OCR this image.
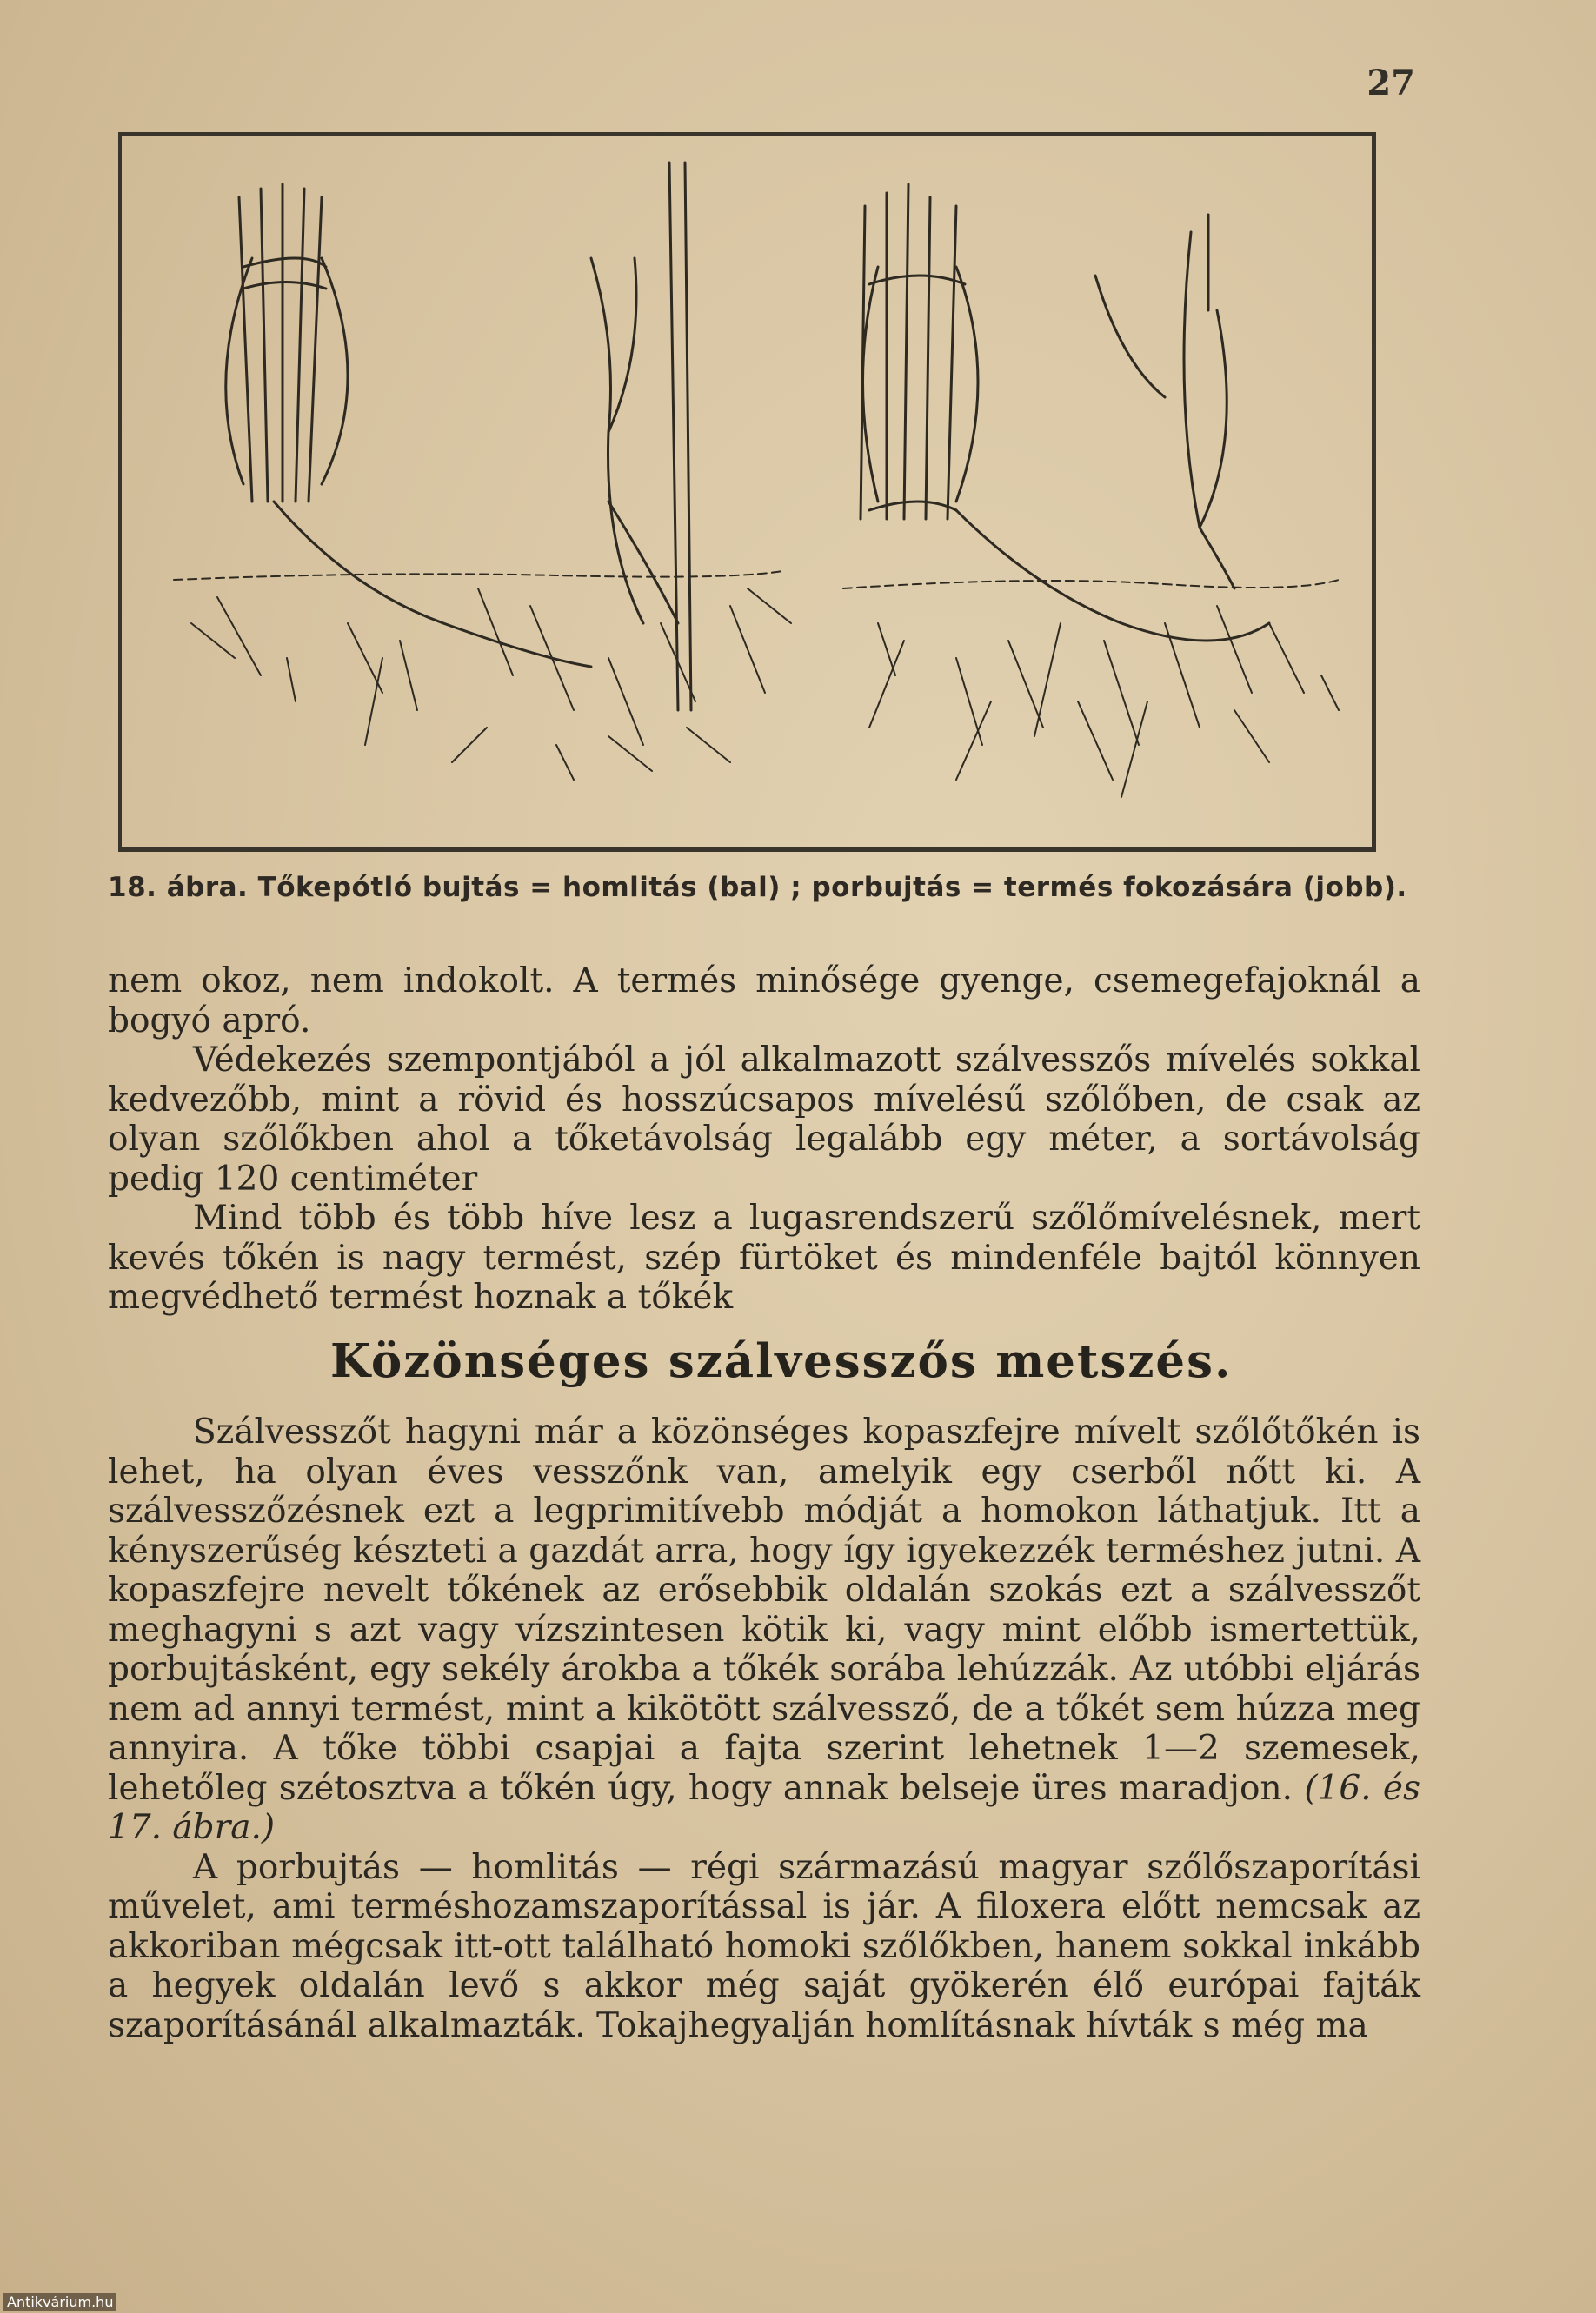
27
18. ábra. Tőkepótló bujtás = homlitás (bal) ; porbujtás = termés fokozására (jobb).

nem okoz, nem indokolt. A termés minősége gyenge, csemegefajoknál a bogyó apró.

Védekezés szempontjából a jól alkalmazott szálvesszős mívelés sokkal kedvezőbb, mint a rövid és hosszúcsapos mívelésű szőlőben, de csak az olyan szőlőkben ahol a tőketávolság legalább egy méter, a sortávolság pedig 120 centiméter

Mind több és több híve lesz a lugasrendszerű szőlőmívelésnek, mert kevés tőkén is nagy termést, szép fürtöket és mindenféle bajtól könnyen megvédhető termést hoznak a tőkék

Közönséges szálvesszős metszés.

Szálvesszőt hagyni már a közönséges kopaszfejre mívelt szőlőtőkén is lehet, ha olyan éves vesszőnk van, amelyik egy cserből nőtt ki. A szálvesszőzésnek ezt a legprimitívebb módját a homokon láthatjuk. Itt a kényszerűség készteti a gazdát arra, hogy így igyekezzék terméshez jutni. A kopaszfejre nevelt tőkének az erősebbik oldalán szokás ezt a szálvesszőt meghagyni s azt vagy vízszintesen kötik ki, vagy mint előbb ismertettük, porbujtásként, egy sekély árokba a tőkék sorába lehúzzák. Az utóbbi eljárás nem ad annyi termést, mint a kikötött szálvessző, de a tőkét sem húzza meg annyira. A tőke többi csapjai a fajta szerint lehetnek 1—2 szemesek, lehetőleg szétosztva a tőkén úgy, hogy annak belseje üres maradjon. (16. és 17. ábra.)

A porbujtás — homlitás — régi származású magyar szőlőszaporítási művelet, ami terméshozamszaporítással is jár. A filoxera előtt nemcsak az akkoriban mégcsak itt-ott található homoki szőlőkben, hanem sokkal inkább a hegyek oldalán levő s akkor még saját gyökerén élő európai fajták szaporításánál alkalmazták. Tokajhegyalján homlításnak hívták s még ma

Antikvárium.hu
